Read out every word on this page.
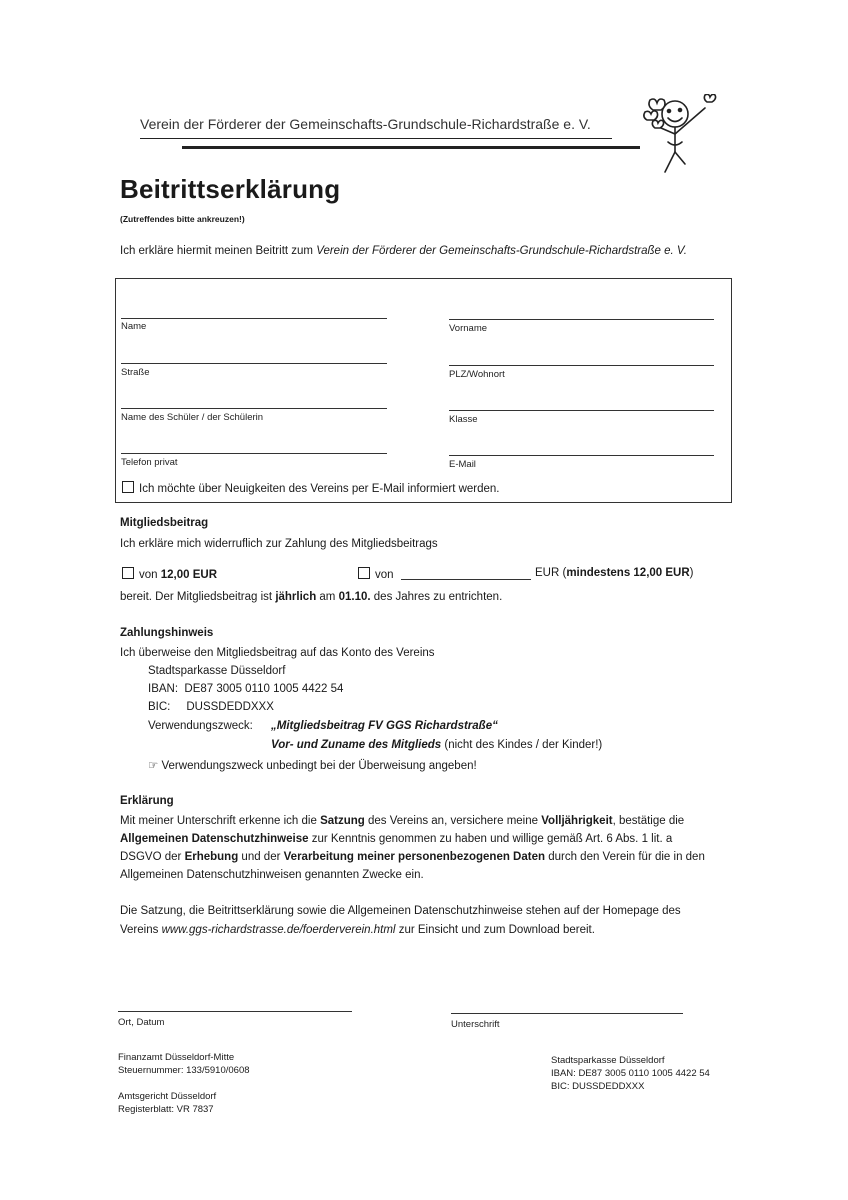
Verein der Förderer der Gemeinschafts-Grundschule-Richardstraße e. V.
Beitrittserklärung
(Zutreffendes bitte ankreuzen!)
Ich erkläre hiermit meinen Beitritt zum Verein der Förderer der Gemeinschafts-Grundschule-Richardstraße e. V.
Name	Vorname
Straße	PLZ/Wohnort
Name des Schüler / der Schülerin	Klasse
Telefon privat	E-Mail
Ich möchte über Neuigkeiten des Vereins per E-Mail informiert werden.
Mitgliedsbeitrag
Ich erkläre mich widerruflich zur Zahlung des Mitgliedsbeitrags
von 12,00 EUR	von	EUR (mindestens 12,00 EUR)
bereit. Der Mitgliedsbeitrag ist jährlich am 01.10. des Jahres zu entrichten.
Zahlungshinweis
Ich überweise den Mitgliedsbeitrag auf das Konto des Vereins
Stadtsparkasse Düsseldorf
IBAN:  DE87 3005 0110 1005 4422 54
BIC:     DUSSDEDDXXX
Verwendungszweck: „Mitgliedsbeitrag FV GGS Richardstraße“
Vor- und Zuname des Mitglieds (nicht des Kindes / der Kinder!)
☞ Verwendungszweck unbedingt bei der Überweisung angeben!
Erklärung
Mit meiner Unterschrift erkenne ich die Satzung des Vereins an, versichere meine Volljährigkeit, bestätige die
Allgemeinen Datenschutzhinweise zur Kenntnis genommen zu haben und willige gemäß Art. 6 Abs. 1 lit. a
DSGVO der Erhebung und der Verarbeitung meiner personenbezogenen Daten durch den Verein für die in den
Allgemeinen Datenschutzhinweisen genannten Zwecke ein.
Die Satzung, die Beitrittserklärung sowie die Allgemeinen Datenschutzhinweise stehen auf der Homepage des
Vereins www.ggs-richardstrasse.de/foerderverein.html zur Einsicht und zum Download bereit.
Ort, Datum	Unterschrift
Finanzamt Düsseldorf-Mitte
Steuernummer: 133/5910/0608
Amtsgericht Düsseldorf
Registerblatt: VR 7837
Stadtsparkasse Düsseldorf
IBAN: DE87 3005 0110 1005 4422 54
BIC: DUSSDEDDXXX
